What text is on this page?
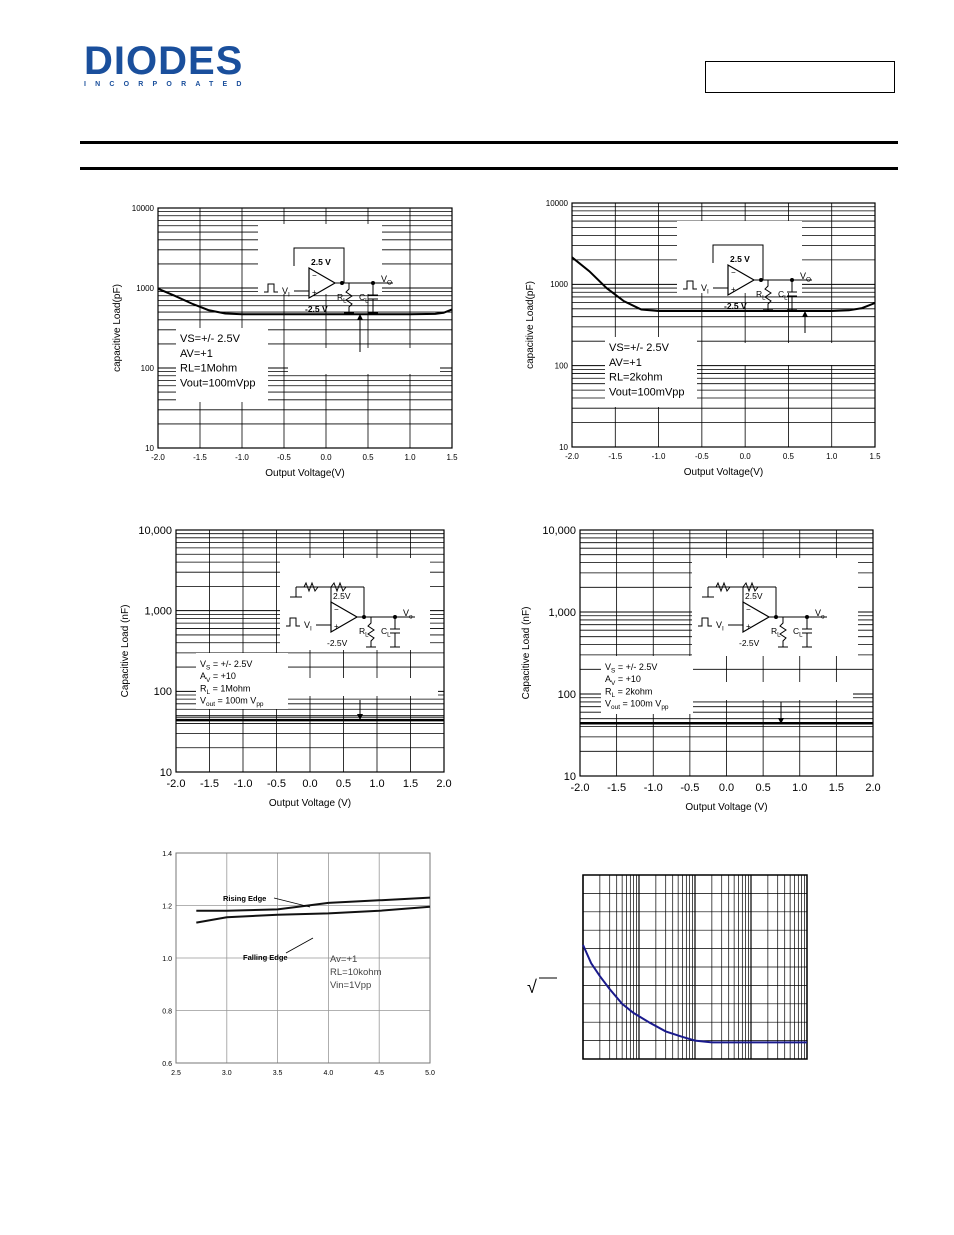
DIODES
INCORPORATED
-2.0	-1.5	-1.0	-0.5	0.0	0.5	1.0	1.5
10
100
1000
10000
Output Voltage(V)
capacitive Load(pF)
−
+
$V_I$
2.5 V
-2.5 V
$R_L$ $C_L$
$V_O$
VS=+/- 2.5V
AV=+1
RL=1Mohm
Vout=100mVpp
-2.0	-1.5	-1.0	-0.5	0.0	0.5	1.0	1.5
10
100
1000
10000
Output Voltage(V)
capacitive Load(pF)
−
+
$V_I$
2.5 V
-2.5 V
$R_L$ $C_L$
$V_O$
VS=+/- 2.5V
AV=+1
RL=2kohm
Vout=100mVpp
-2.0 -1.5 -1.0 -0.5 0.0 0.5 1.0 1.5 2.0
10
100
1,000
10,000
Output Voltage (V)
Capacitive Load (nF)	−
+
$V_I$
2.5V
-2.5V
$R_L$ $C_L$
$V_o$
$V_S$ = +/- 2.5V
$A_V = +10$
$R_L$ = 1Mohm
$V_{out} = 100m$ $V_{pp}$
-2.0 -1.5 -1.0 -0.5 0.0 0.5 1.0 1.5 2.0
10
100
1,000
10,000
Output Voltage (V)
Capacitive Load (nF)	−
+
$V_I$
2.5V
-2.5V
$R_L$ $C_L$
$V_o$
$V_S$ = +/- 2.5V
$A_V = +10$
$R_L$ = 2kohm
$V_{out} = 100m$ $V_{pp}$
2.5	3.0	3.5	4.0	4.5	5.0
0.6
0.8
1.0
1.2
1.4
Rising Edge
Falling Edge	Av=+1
RL=10kohm
Vin=1Vpp	√
